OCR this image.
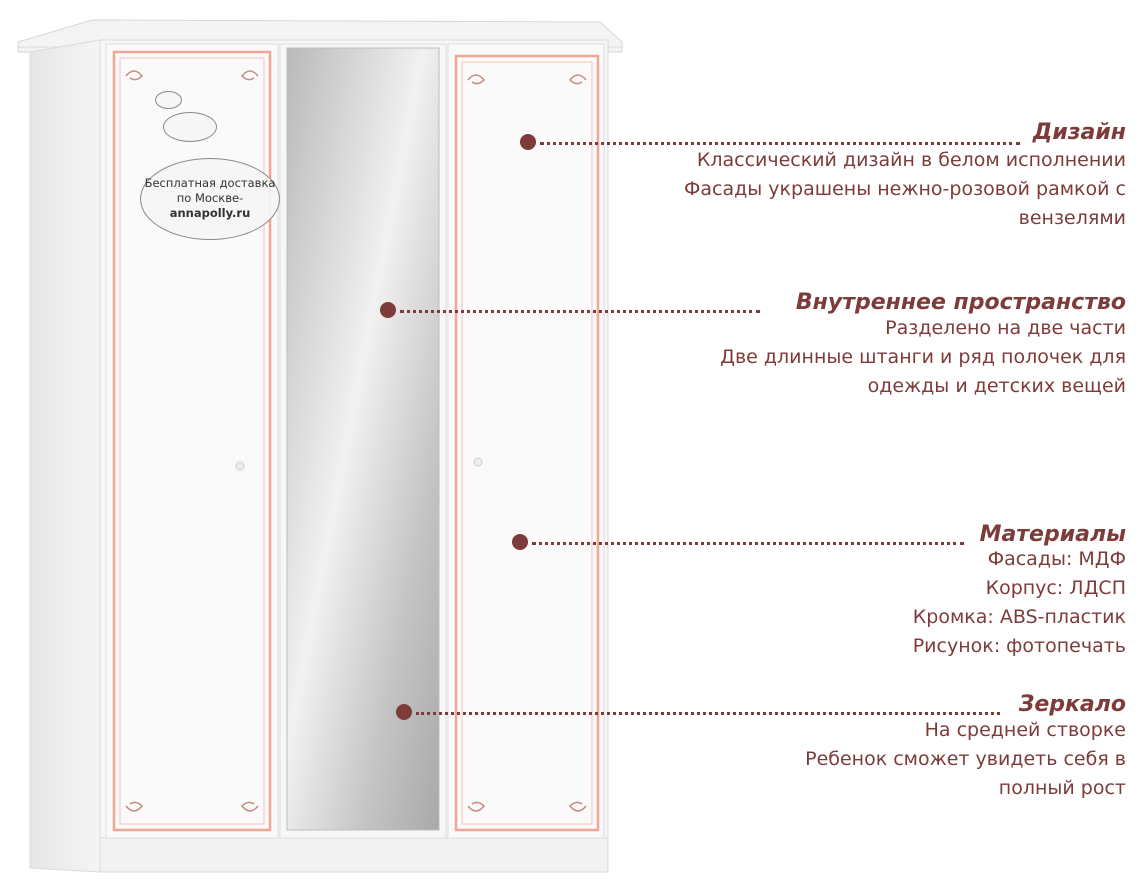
Бесплатная доставка
по Москве-
annapolly.ru
Дизайн
Классический дизайн в белом исполнении
Фасады украшены нежно-розовой рамкой с
вензелями
Внутреннее пространство
Разделено на две части
Две длинные штанги и ряд полочек для
одежды и детских вещей
Материалы
Фасады: МДФ
Корпус: ЛДСП
Кромка: ABS-пластик
Рисунок: фотопечать
Зеркало
На средней створке
Ребенок сможет увидеть себя в
полный рост
